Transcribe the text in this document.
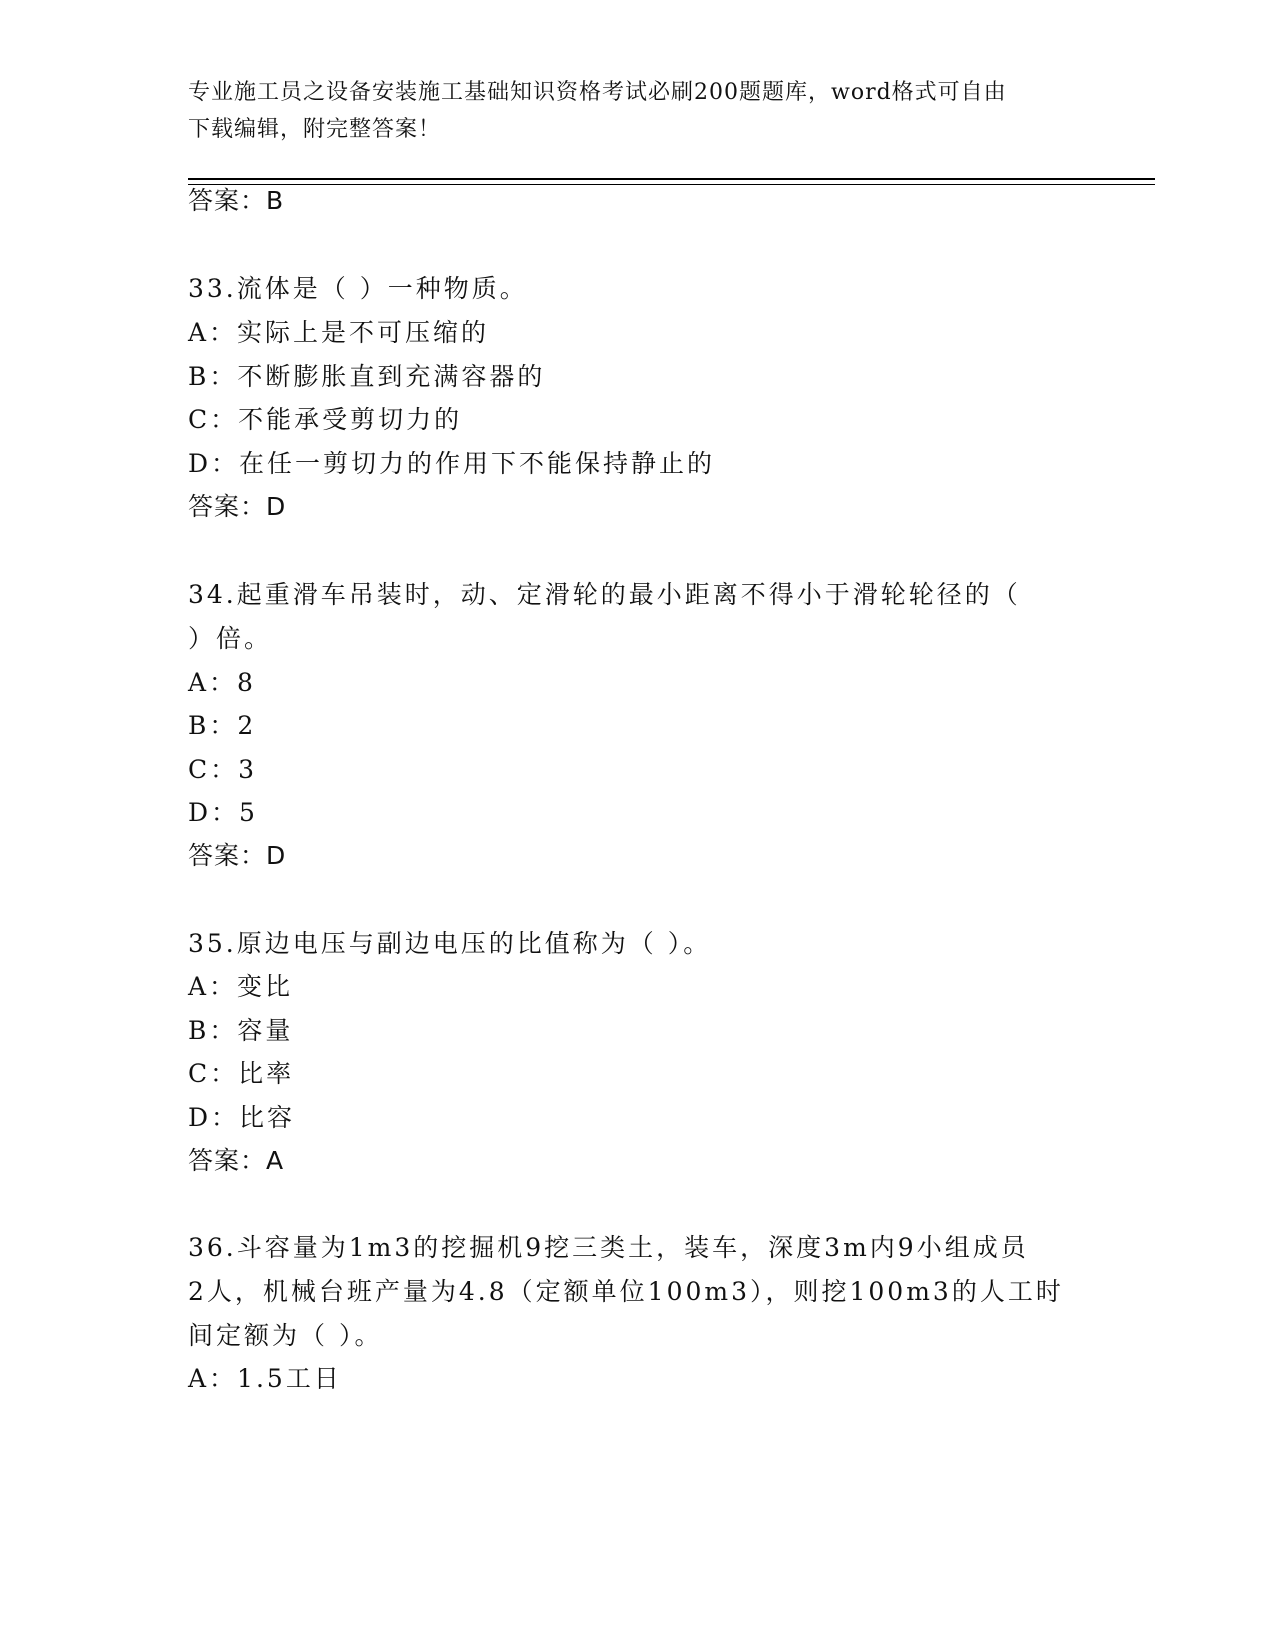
专业施工员之设备安装施工基础知识资格考试必刷200题题库，word格式可自由
下载编辑，附完整答案！
答案：B
33.流体是（ ）一种物质。
A：实际上是不可压缩的
B：不断膨胀直到充满容器的
C：不能承受剪切力的
D：在任一剪切力的作用下不能保持静止的
答案：D
34.起重滑车吊装时，动、定滑轮的最小距离不得小于滑轮轮径的（
）倍。
A：8
B：2
C：3
D：5
答案：D
35.原边电压与副边电压的比值称为（ ）。
A：变比
B：容量
C：比率
D：比容
答案：A
36.斗容量为1m3的挖掘机9挖三类土，装车，深度3m内9小组成员
2人，机械台班产量为4.8（定额单位100m3），则挖100m3的人工时
间定额为（ ）。
A：1.5工日
